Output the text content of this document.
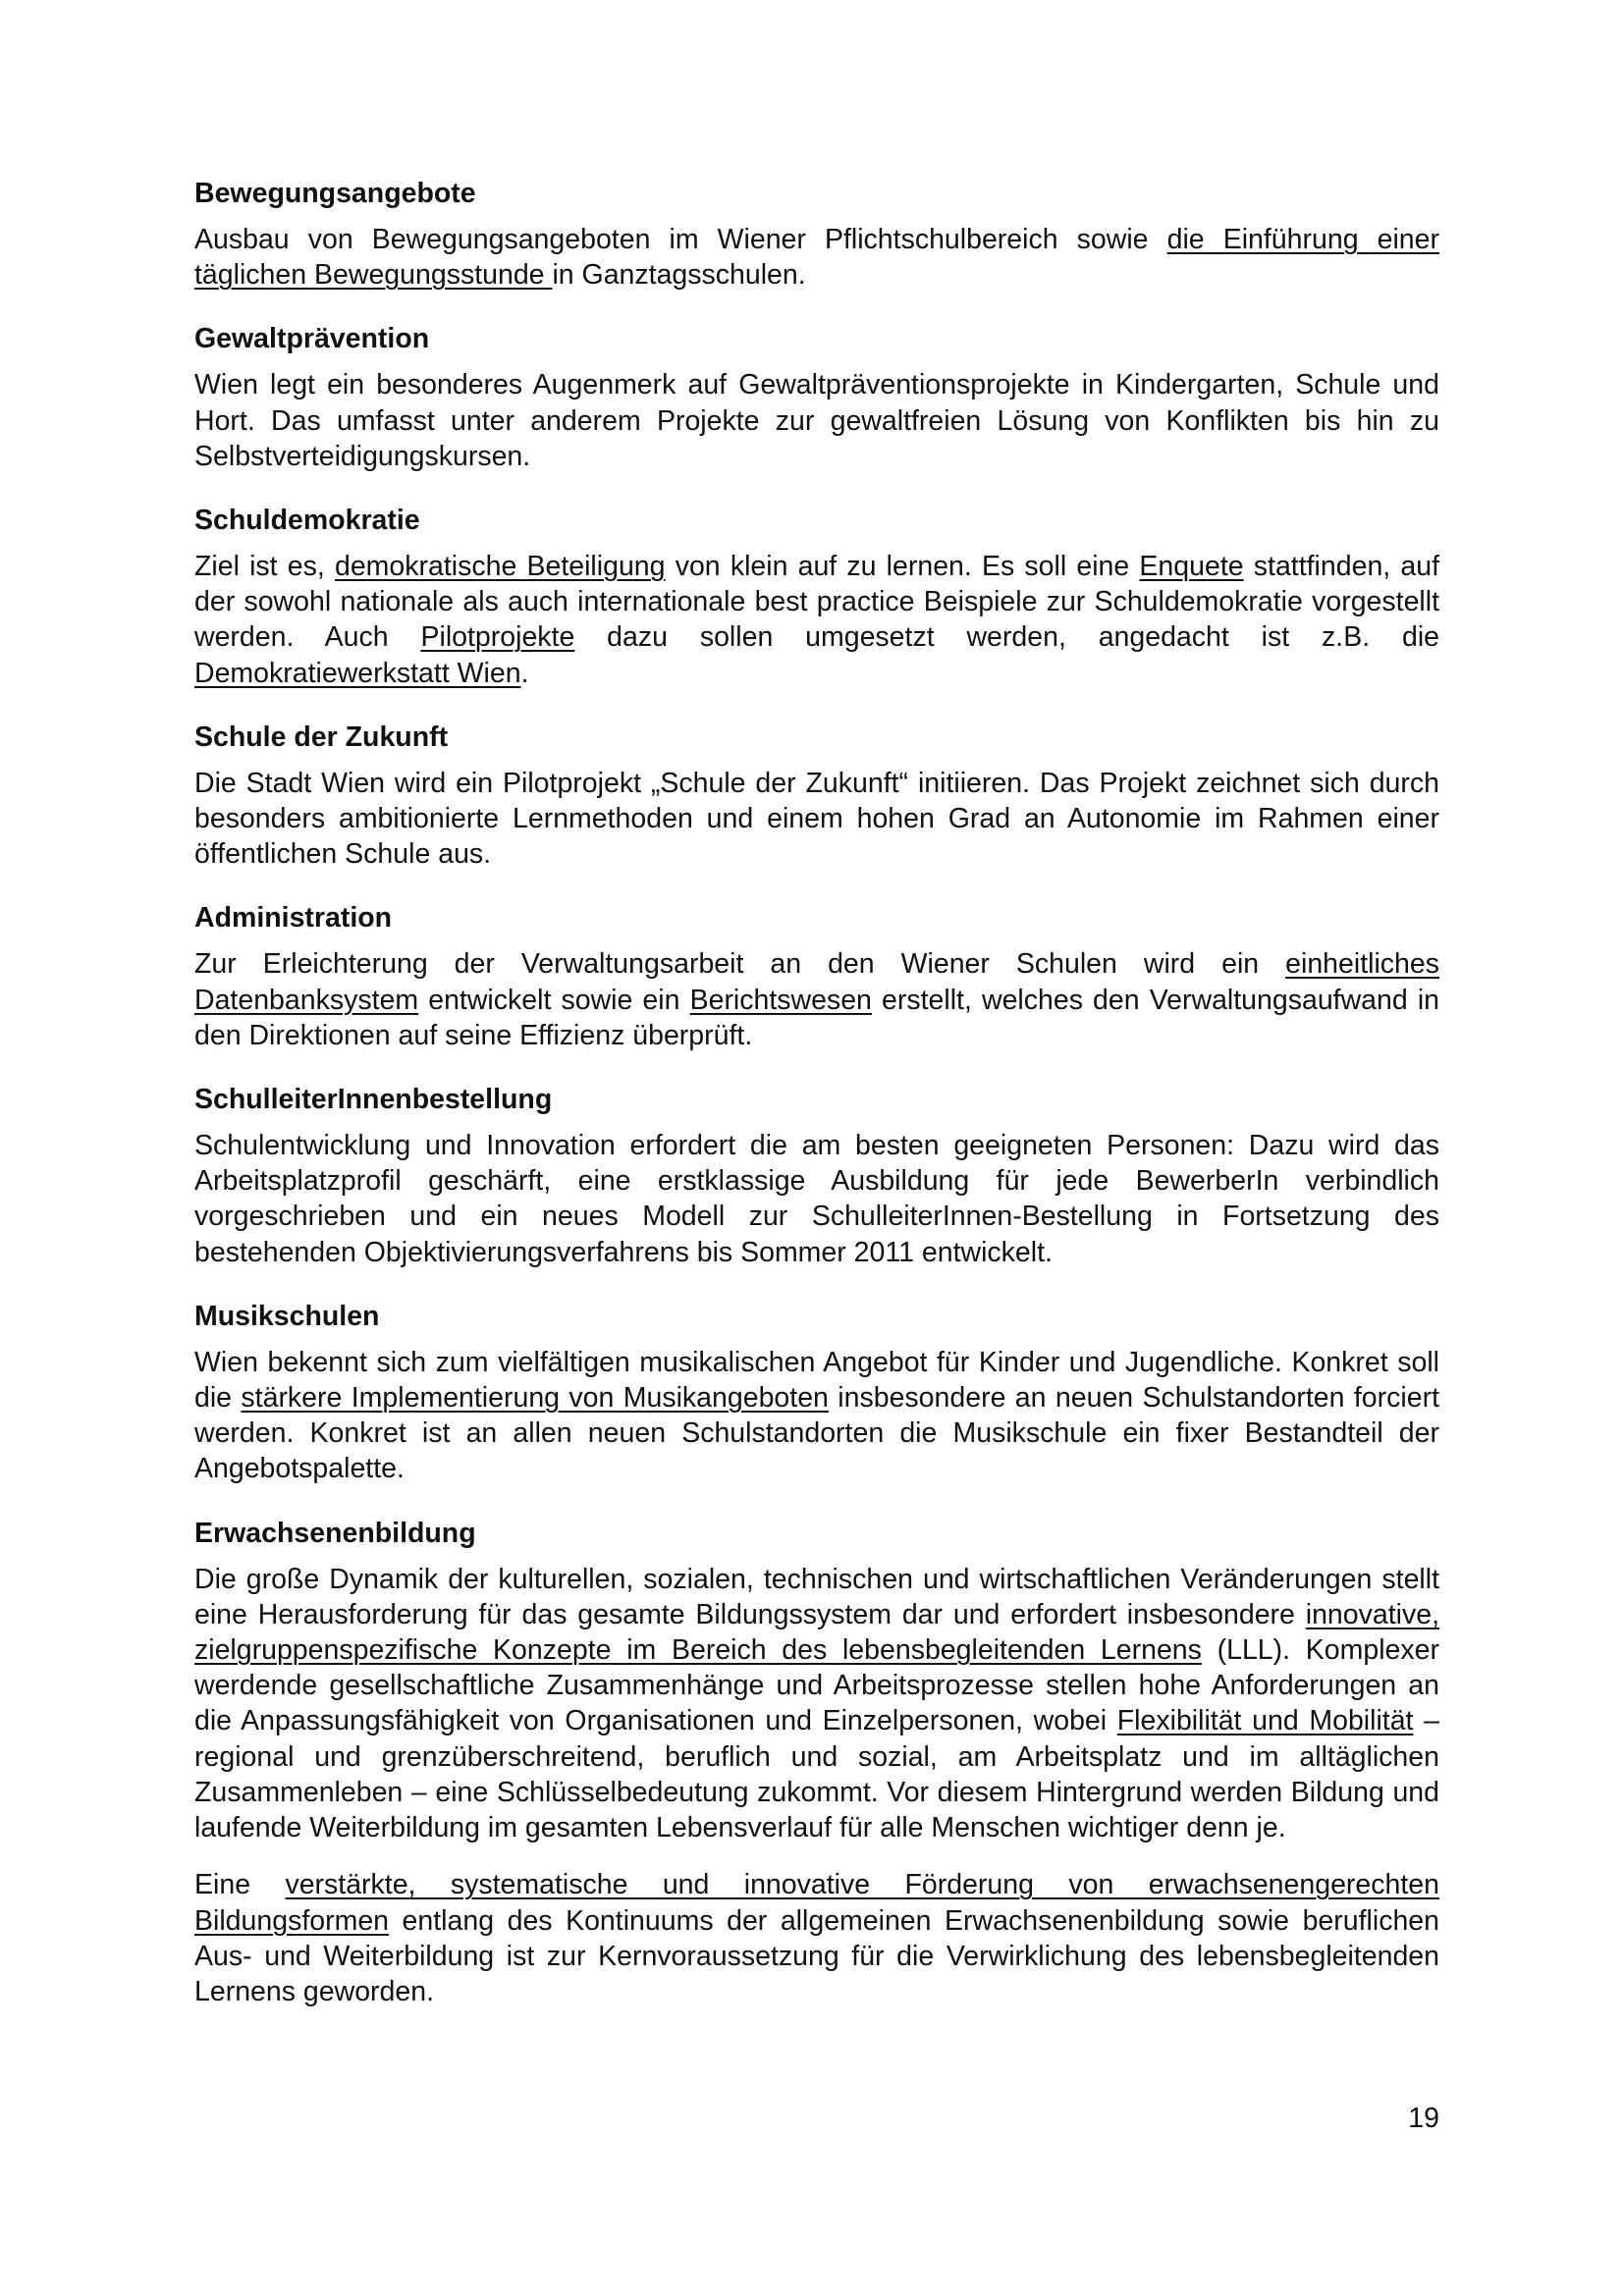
Bewegungsangebote

Ausbau von Bewegungsangeboten im Wiener Pflichtschulbereich sowie die Einführung einer täglichen Bewegungsstunde in Ganztagsschulen.

Gewaltprävention

Wien legt ein besonderes Augenmerk auf Gewaltpräventionsprojekte in Kindergarten, Schule und Hort. Das umfasst unter anderem Projekte zur gewaltfreien Lösung von Konflikten bis hin zu Selbstverteidigungskursen.

Schuldemokratie

Ziel ist es, demokratische Beteiligung von klein auf zu lernen. Es soll eine Enquete stattfinden, auf der sowohl nationale als auch internationale best practice Beispiele zur Schuldemokratie vorgestellt werden. Auch Pilotprojekte dazu sollen umgesetzt werden, angedacht ist z.B. die Demokratiewerkstatt Wien.

Schule der Zukunft

Die Stadt Wien wird ein Pilotprojekt „Schule der Zukunft“ initiieren. Das Projekt zeichnet sich durch besonders ambitionierte Lernmethoden und einem hohen Grad an Autonomie im Rahmen einer öffentlichen Schule aus.

Administration

Zur Erleichterung der Verwaltungsarbeit an den Wiener Schulen wird ein einheitliches Datenbanksystem entwickelt sowie ein Berichtswesen erstellt, welches den Verwaltungsaufwand in den Direktionen auf seine Effizienz überprüft.

SchulleiterInnenbestellung

Schulentwicklung und Innovation erfordert die am besten geeigneten Personen: Dazu wird das Arbeitsplatzprofil geschärft, eine erstklassige Ausbildung für jede BewerberIn verbindlich vorgeschrieben und ein neues Modell zur SchulleiterInnen-Bestellung in Fortsetzung des bestehenden Objektivierungsverfahrens bis Sommer 2011 entwickelt.

Musikschulen

Wien bekennt sich zum vielfältigen musikalischen Angebot für Kinder und Jugendliche. Konkret soll die stärkere Implementierung von Musikangeboten insbesondere an neuen Schulstandorten forciert werden. Konkret ist an allen neuen Schulstandorten die Musikschule ein fixer Bestandteil der Angebotspalette.

Erwachsenenbildung

Die große Dynamik der kulturellen, sozialen, technischen und wirtschaftlichen Veränderungen stellt eine Herausforderung für das gesamte Bildungssystem dar und erfordert insbesondere innovative, zielgruppenspezifische Konzepte im Bereich des lebensbegleitenden Lernens (LLL). Komplexer werdende gesellschaftliche Zusammenhänge und Arbeitsprozesse stellen hohe Anforderungen an die Anpassungsfähigkeit von Organisationen und Einzelpersonen, wobei Flexibilität und Mobilität – regional und grenzüberschreitend, beruflich und sozial, am Arbeitsplatz und im alltäglichen Zusammenleben – eine Schlüsselbedeutung zukommt. Vor diesem Hintergrund werden Bildung und laufende Weiterbildung im gesamten Lebensverlauf für alle Menschen wichtiger denn je.

Eine verstärkte, systematische und innovative Förderung von erwachsenengerechten Bildungsformen entlang des Kontinuums der allgemeinen Erwachsenenbildung sowie beruflichen Aus- und Weiterbildung ist zur Kernvoraussetzung für die Verwirklichung des lebensbegleitenden Lernens geworden.

19
